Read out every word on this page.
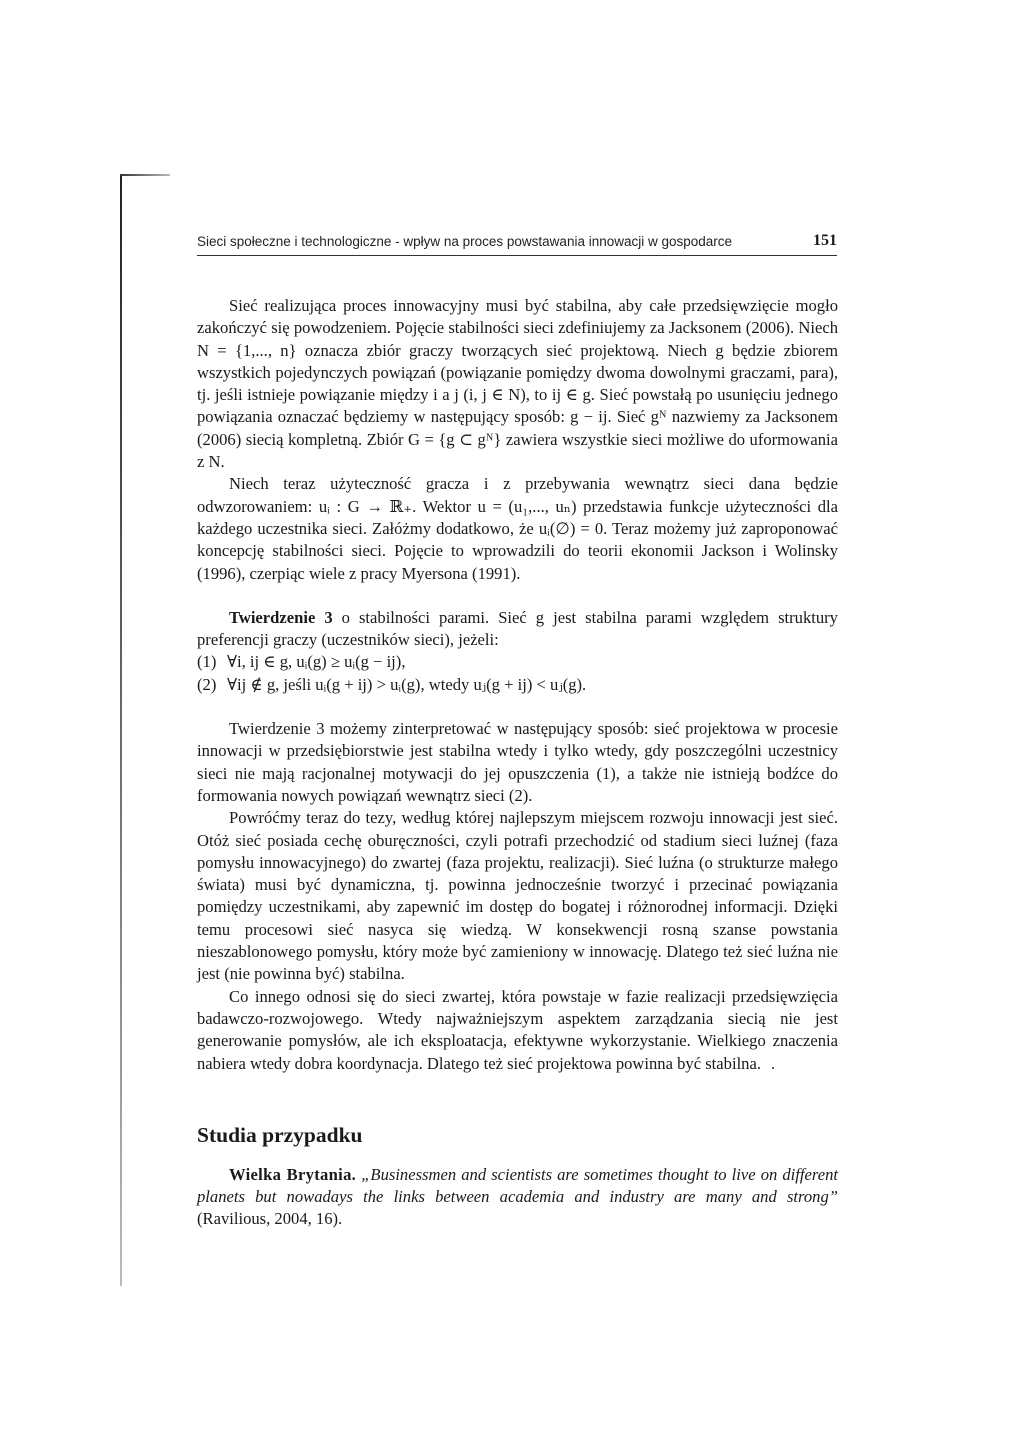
Sieci społeczne i technologiczne - wpływ na proces powstawania innowacji w gospodarce	151

Sieć realizująca proces innowacyjny musi być stabilna, aby całe przedsięwzięcie mogło zakończyć się powodzeniem. Pojęcie stabilności sieci zdefiniujemy za Jacksonem (2006). Niech N = {1,..., n} oznacza zbiór graczy tworzących sieć projektową. Niech g będzie zbiorem wszystkich pojedynczych powiązań (powiązanie pomiędzy dwoma dowolnymi graczami, para), tj. jeśli istnieje powiązanie między i a j (i, j ∈ N), to ij ∈ g. Sieć powstałą po usunięciu jednego powiązania oznaczać będziemy w następujący sposób: g − ij. Sieć gᴺ nazwiemy za Jacksonem (2006) siecią kompletną. Zbiór G = {g ⊂ gᴺ} zawiera wszystkie sieci możliwe do uformowania z N.

Niech teraz użyteczność gracza i z przebywania wewnątrz sieci dana będzie odwzorowaniem: uᵢ : G → ℝ₊. Wektor u = (u₁,..., uₙ) przedstawia funkcje użyteczności dla każdego uczestnika sieci. Załóżmy dodatkowo, że uᵢ(∅) = 0. Teraz możemy już zaproponować koncepcję stabilności sieci. Pojęcie to wprowadzili do teorii ekonomii Jackson i Wolinsky (1996), czerpiąc wiele z pracy Myersona (1991).

Twierdzenie 3 o stabilności parami. Sieć g jest stabilna parami względem struktury preferencji graczy (uczestników sieci), jeżeli:

(1) ∀i, ij ∈ g, uᵢ(g) ≥ uᵢ(g − ij),

(2) ∀ij ∉ g, jeśli uᵢ(g + ij) > uᵢ(g), wtedy uⱼ(g + ij) < uⱼ(g).

Twierdzenie 3 możemy zinterpretować w następujący sposób: sieć projektowa w procesie innowacji w przedsiębiorstwie jest stabilna wtedy i tylko wtedy, gdy poszczególni uczestnicy sieci nie mają racjonalnej motywacji do jej opuszczenia (1), a także nie istnieją bodźce do formowania nowych powiązań wewnątrz sieci (2).

Powróćmy teraz do tezy, według której najlepszym miejscem rozwoju innowacji jest sieć. Otóż sieć posiada cechę oburęczności, czyli potrafi przechodzić od stadium sieci luźnej (faza pomysłu innowacyjnego) do zwartej (faza projektu, realizacji). Sieć luźna (o strukturze małego świata) musi być dynamiczna, tj. powinna jednocześnie tworzyć i przecinać powiązania pomiędzy uczestnikami, aby zapewnić im dostęp do bogatej i różnorodnej informacji. Dzięki temu procesowi sieć nasyca się wiedzą. W konsekwencji rosną szanse powstania nieszablonowego pomysłu, który może być zamieniony w innowację. Dlatego też sieć luźna nie jest (nie powinna być) stabilna.

Co innego odnosi się do sieci zwartej, która powstaje w fazie realizacji przedsięwzięcia badawczo-rozwojowego. Wtedy najważniejszym aspektem zarządzania siecią nie jest generowanie pomysłów, ale ich eksploatacja, efektywne wykorzystanie. Wielkiego znaczenia nabiera wtedy dobra koordynacja. Dlatego też sieć projektowa powinna być stabilna. .

Studia przypadku

Wielka Brytania. „Businessmen and scientists are sometimes thought to live on different planets but nowadays the links between academia and industry are many and strong” (Ravilious, 2004, 16).
